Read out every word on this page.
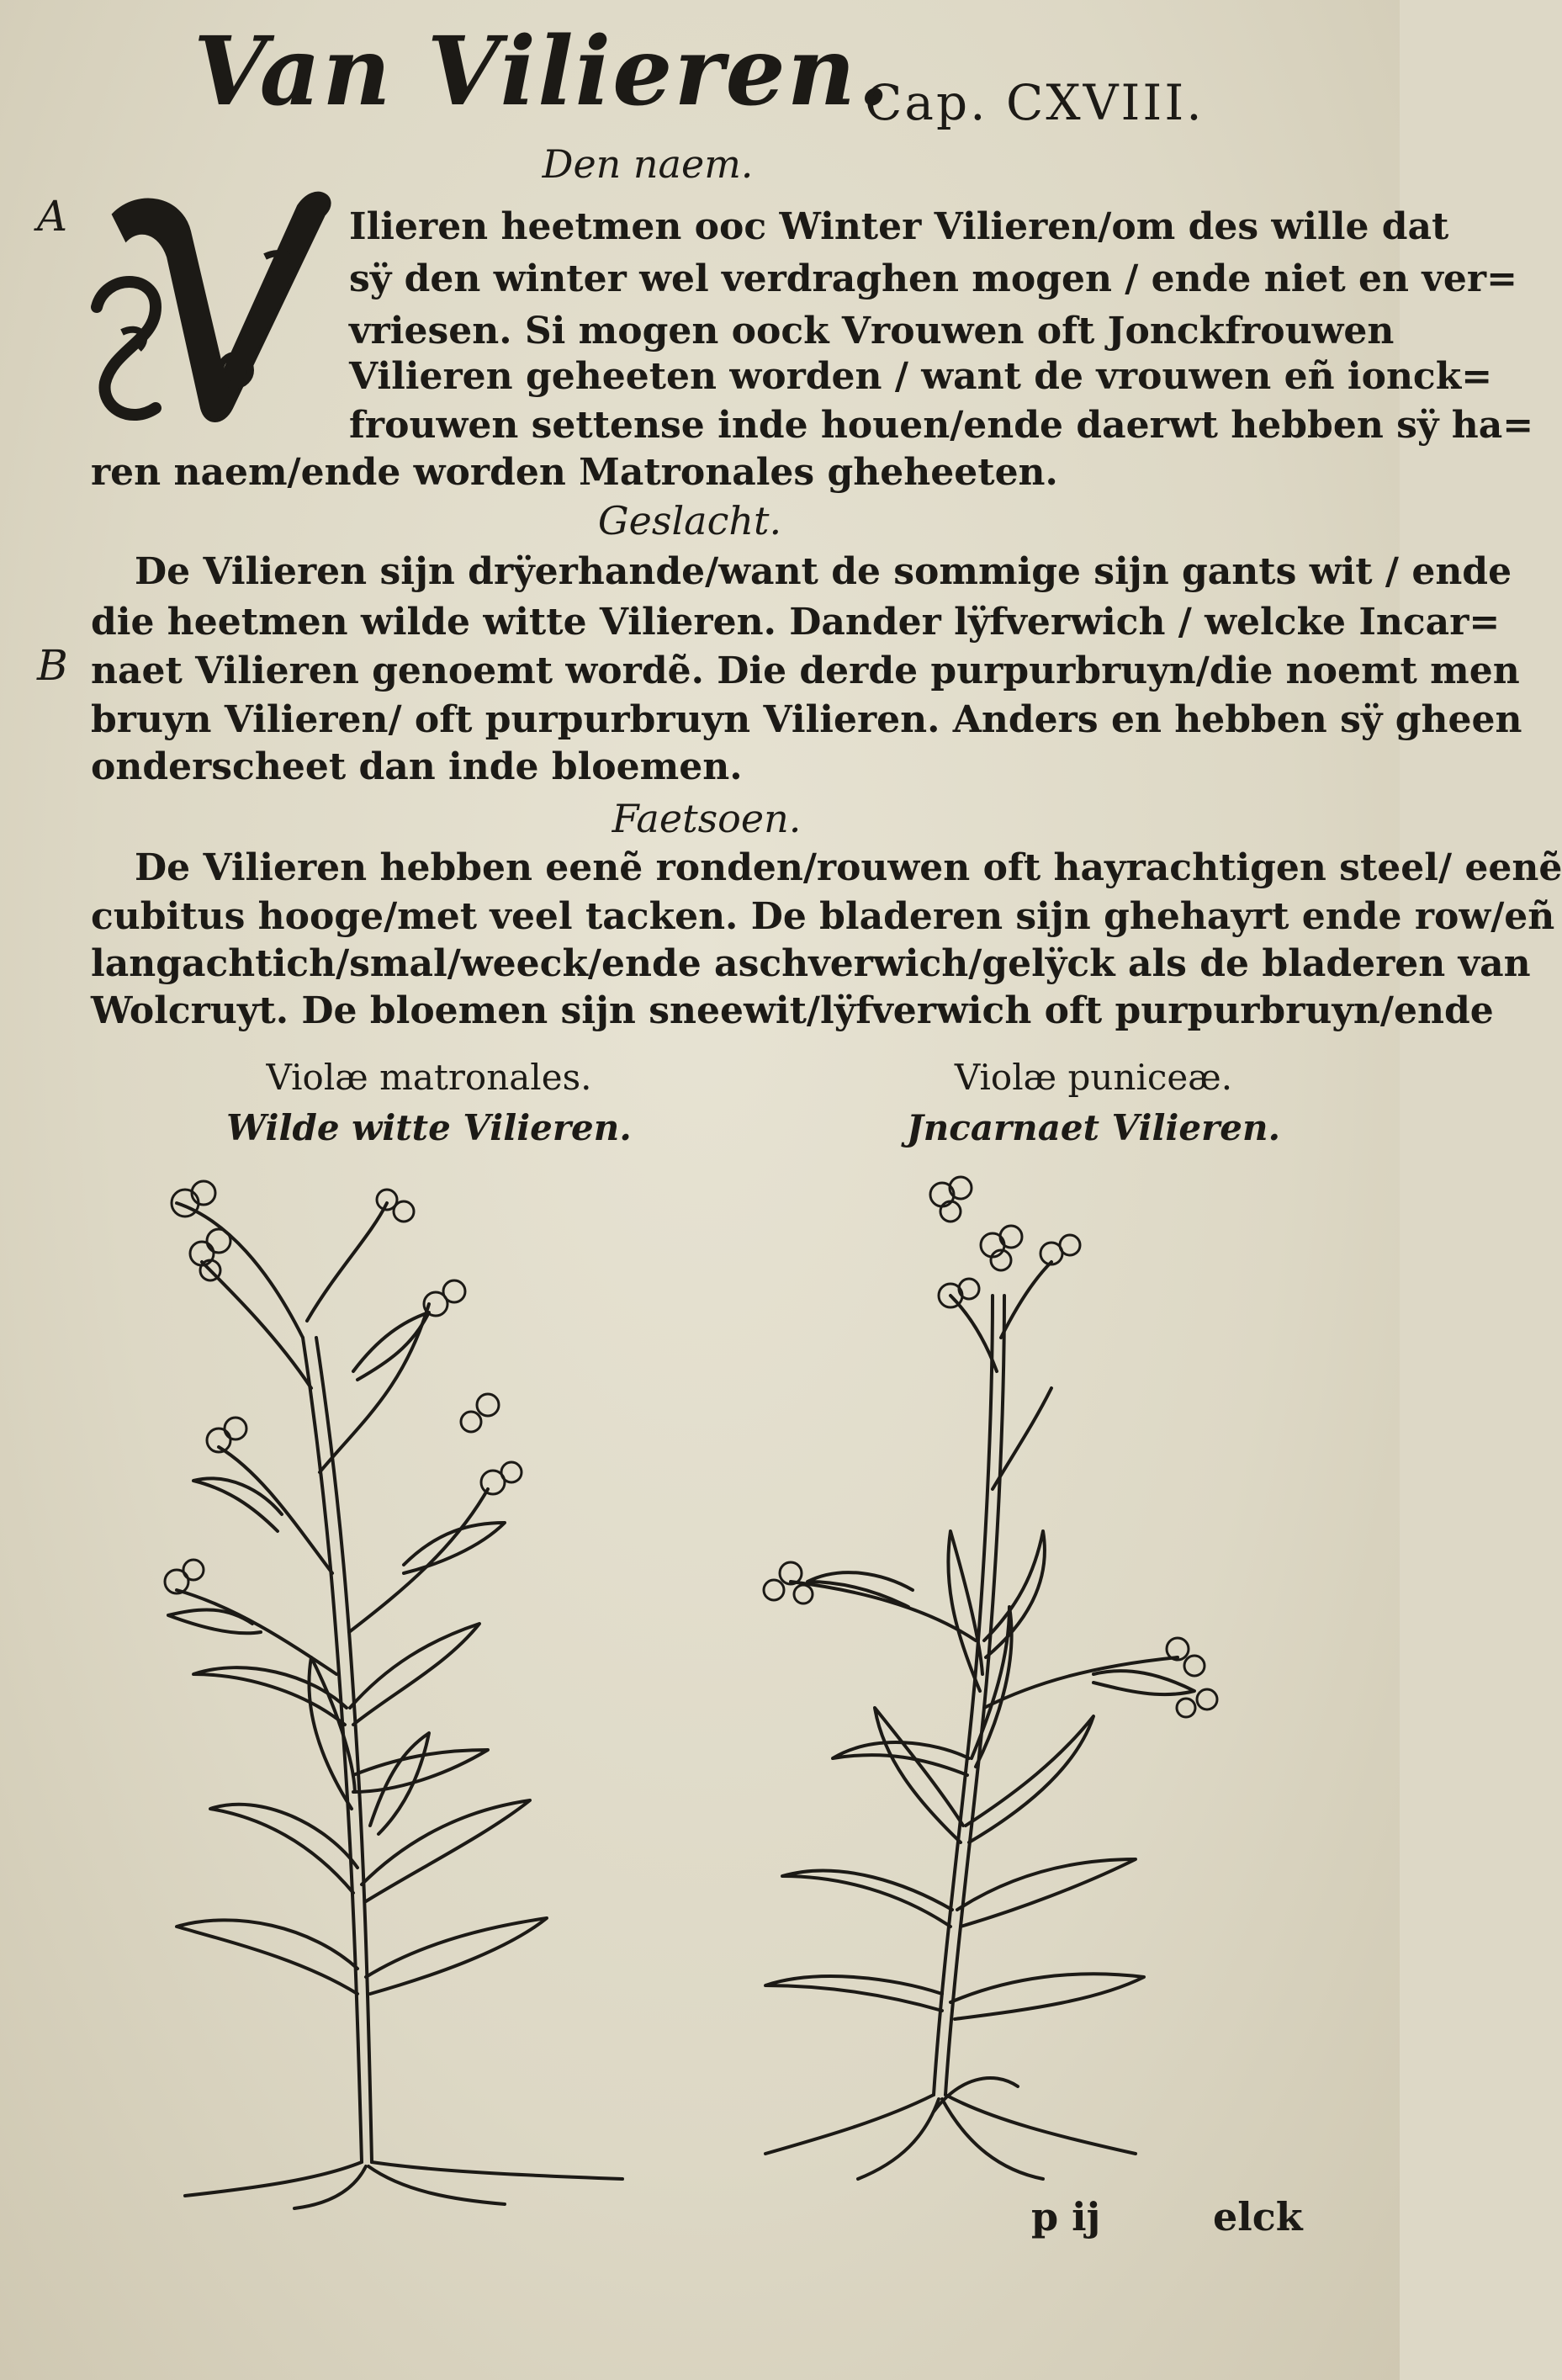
Van Vilieren.
Cap. CXVIII.
Den naem.
A	Ilieren heetmen ooc Winter Vilieren/om des wille dat
sÿ den winter wel verdraghen mogen / ende niet en ver=
vriesen. Si mogen oock Vrouwen oft Jonckfrouwen
Vilieren geheeten worden / want de vrouwen eñ ionck=
frouwen settense inde houen/ende daerwt hebben sÿ ha=
ren naem/ende worden Matronales gheheeten.
Geslacht.
B
De Vilieren sijn drÿerhande/want de sommige sijn gants wit / ende
die heetmen wilde witte Vilieren. Dander lÿfverwich / welcke Incar=
naet Vilieren genoemt wordẽ. Die derde purpurbruyn/die noemt men
bruyn Vilieren/ oft purpurbruyn Vilieren. Anders en hebben sÿ gheen
onderscheet dan inde bloemen.
Faetsoen.
De Vilieren hebben eenẽ ronden/rouwen oft hayrachtigen steel/ eenẽ
cubitus hooge/met veel tacken. De bladeren sijn ghehayrt ende row/eñ
langachtich/smal/weeck/ende aschverwich/gelÿck als de bladeren van
Wolcruyt. De bloemen sijn sneewit/lÿfverwich oft purpurbruyn/ende
Violæ matronales.
Wilde witte Vilieren.
Violæ puniceæ.
Jncarnaet Vilieren.
p ij	elck
